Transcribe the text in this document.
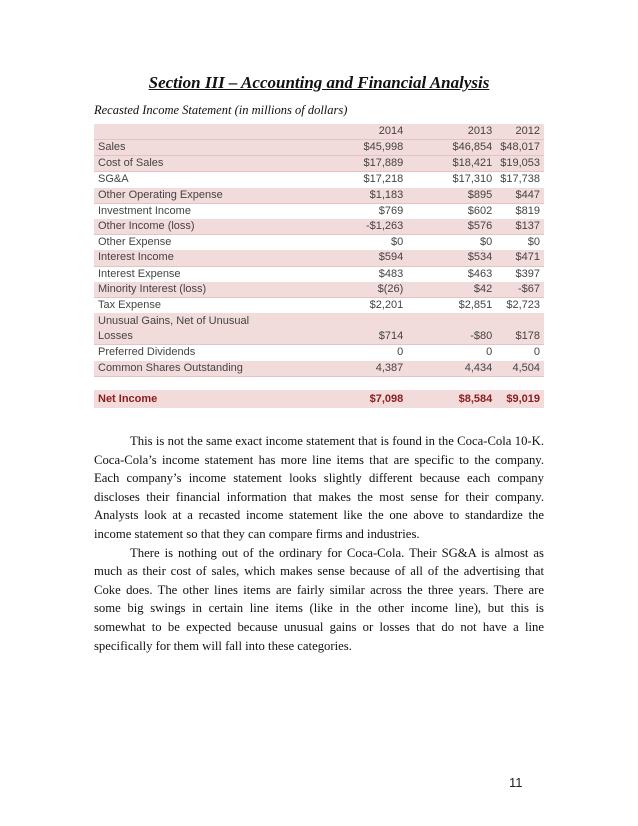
Section III – Accounting and Financial Analysis
Recasted Income Statement (in millions of dollars)
	2014	2013	2012
Sales	$45,998	$46,854	$48,017
Cost of Sales	$17,889	$18,421	$19,053
SG&A	$17,218	$17,310	$17,738
Other Operating Expense	$1,183	$895	$447
Investment Income	$769	$602	$819
Other Income (loss)	-$1,263	$576	$137
Other Expense	$0	$0	$0
Interest Income	$594	$534	$471
Interest Expense	$483	$463	$397
Minority Interest (loss)	$(26)	$42	-$67
Tax Expense	$2,201	$2,851	$2,723
Unusual Gains, Net of Unusual			
Losses	$714	-$80	$178
Preferred Dividends	0	0	0
Common Shares Outstanding	4,387	4,434	4,504

Net Income	$7,098	$8,584	$9,019

This is not the same exact income statement that is found in the Coca-Cola 10-K. Coca-Cola’s income statement has more line items that are specific to the company. Each company’s income statement looks slightly different because each company discloses their financial information that makes the most sense for their company. Analysts look at a recasted income statement like the one above to standardize the income statement so that they can compare firms and industries.

There is nothing out of the ordinary for Coca-Cola. Their SG&A is almost as much as their cost of sales, which makes sense because of all of the advertising that Coke does. The other lines items are fairly similar across the three years. There are some big swings in certain line items (like in the other income line), but this is somewhat to be expected because unusual gains or losses that do not have a line specifically for them will fall into these categories.

11
